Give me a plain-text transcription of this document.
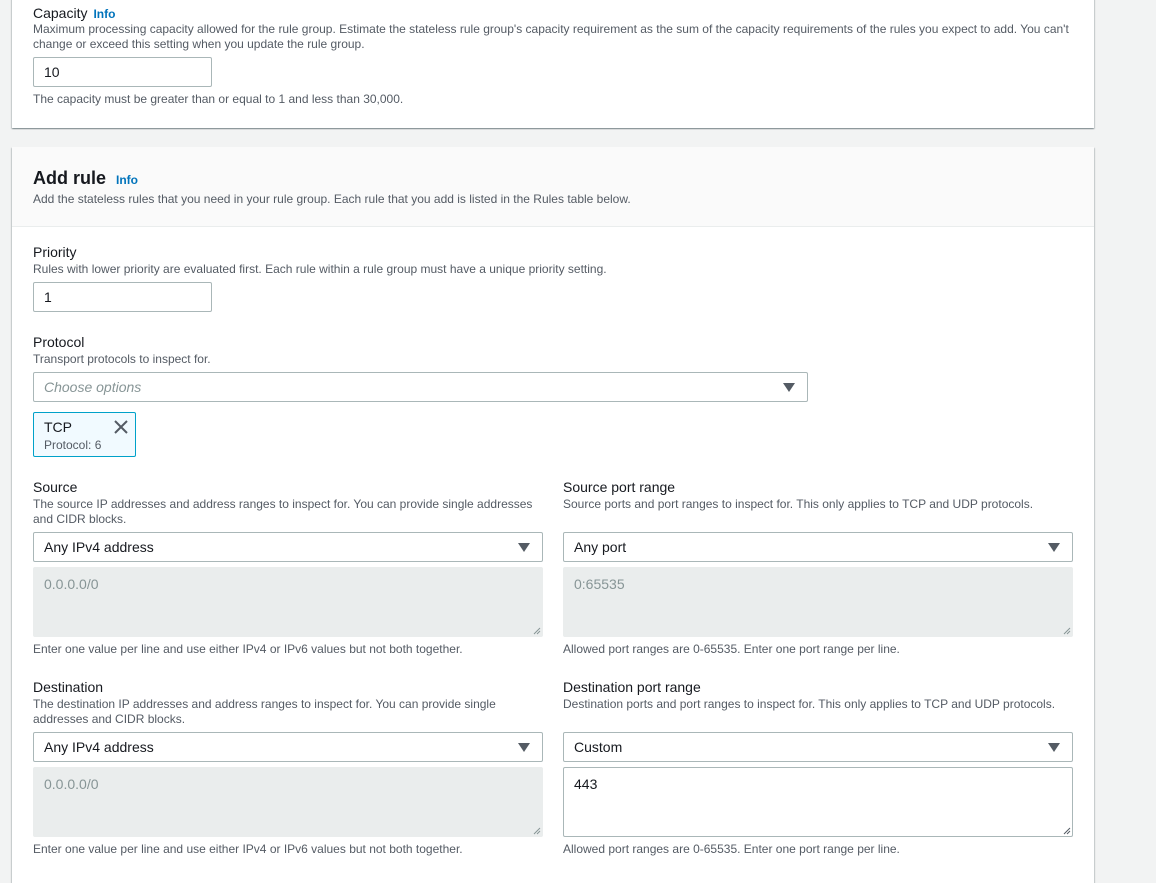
Capacity Info
Maximum processing capacity allowed for the rule group. Estimate the stateless rule group's capacity requirement as the sum of the capacity requirements of the rules you expect to add. You can't change or exceed this setting when you update the rule group.
10
The capacity must be greater than or equal to 1 and less than 30,000.
Add rule Info
Add the stateless rules that you need in your rule group. Each rule that you add is listed in the Rules table below.
Priority
Rules with lower priority are evaluated first. Each rule within a rule group must have a unique priority setting.
1
Protocol
Transport protocols to inspect for.
Choose options
TCP
Protocol: 6
Source
The source IP addresses and address ranges to inspect for. You can provide single addresses and CIDR blocks.
Any IPv4 address
0.0.0.0/0
Enter one value per line and use either IPv4 or IPv6 values but not both together.
Source port range
Source ports and port ranges to inspect for. This only applies to TCP and UDP protocols.
Any port
0:65535
Allowed port ranges are 0-65535. Enter one port range per line.
Destination
The destination IP addresses and address ranges to inspect for. You can provide single addresses and CIDR blocks.
Any IPv4 address
0.0.0.0/0
Enter one value per line and use either IPv4 or IPv6 values but not both together.
Destination port range
Destination ports and port ranges to inspect for. This only applies to TCP and UDP protocols.
Custom
443
Allowed port ranges are 0-65535. Enter one port range per line.
